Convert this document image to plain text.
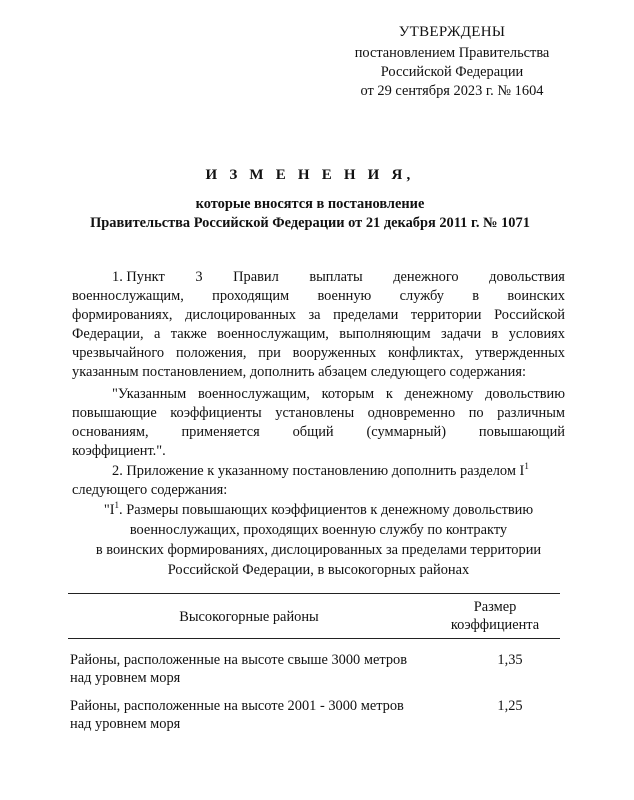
УТВЕРЖДЕНЫ
постановлением Правительства
Российской Федерации
от 29 сентября 2023 г. № 1604
И З М Е Н Е Н И Я,
которые вносятся в постановление
Правительства Российской Федерации от 21 декабря 2011 г. № 1071
1. Пункт 3 Правил выплаты денежного довольствия

военнослужащим, проходящим военную службу в воинских

формированиях, дислоцированных за пределами территории Российской

Федерации, а также военнослужащим, выполняющим задачи в условиях

чрезвычайного положения, при вооруженных конфликтах, утвержденных

указанным постановлением, дополнить абзацем следующего содержания:

"Указанным военнослужащим, которым к денежному довольствию

повышающие коэффициенты установлены одновременно по различным

основаниям, применяется общий (суммарный) повышающий

коэффициент.".

2. Приложение к указанному постановлению дополнить разделом $I^1$

следующего содержания:

"$I^1$. Размеры повышающих коэффициентов к денежному довольствию
военнослужащих, проходящих военную службу по контракту
в воинских формированиях, дислоцированных за пределами территории
Российской Федерации, в высокогорных районах
Высокогорные районы
Размер
коэффициента
Районы, расположенные на высоте свыше 3000 метров
над уровнем моря
1,35
Районы, расположенные на высоте 2001 - 3000 метров
над уровнем моря
1,25
